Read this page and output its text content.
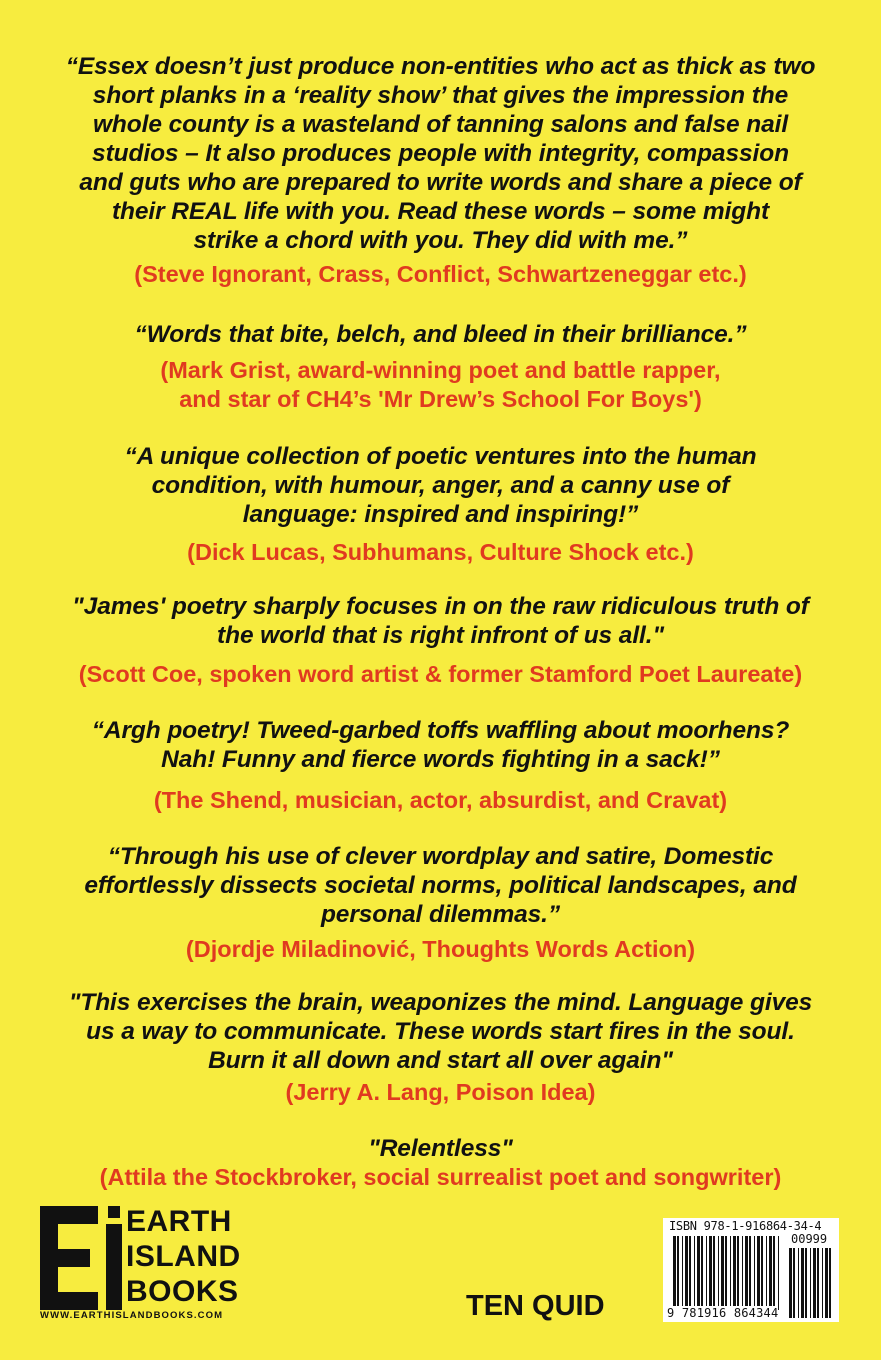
“Essex doesn’t just produce non-entities who act as thick as two
short planks in a ‘reality show’ that gives the impression the
whole county is a wasteland of tanning salons and false nail
studios – It also produces people with integrity, compassion
and guts who are prepared to write words and share a piece of
their REAL life with you. Read these words – some might
strike a chord with you. They did with me.”
(Steve Ignorant, Crass, Conflict, Schwartzeneggar etc.)
“Words that bite, belch, and bleed in their brilliance.”
(Mark Grist, award-winning poet and battle rapper,
and star of CH4’s 'Mr Drew’s School For Boys')
“A unique collection of poetic ventures into the human
condition, with humour, anger, and a canny use of
language: inspired and inspiring!”
(Dick Lucas, Subhumans, Culture Shock etc.)
"James' poetry sharply focuses in on the raw ridiculous truth of
the world that is right infront of us all."
(Scott Coe, spoken word artist & former Stamford Poet Laureate)
“Argh poetry! Tweed-garbed toffs waffling about moorhens?
Nah! Funny and fierce words fighting in a sack!”
(The Shend, musician, actor, absurdist, and Cravat)
“Through his use of clever wordplay and satire, Domestic
effortlessly dissects societal norms, political landscapes, and
personal dilemmas.”
(Djordje Miladinović, Thoughts Words Action)
"This exercises the brain, weaponizes the mind. Language gives
us a way to communicate. These words start fires in the soul.
Burn it all down and start all over again"
(Jerry A. Lang, Poison Idea)
"Relentless"
(Attila the Stockbroker, social surrealist poet and songwriter)
EARTH
ISLAND
BOOKS
WWW.EARTHISLANDBOOKS.COM	TEN QUID
ISBN 978-1-916864-34-4
00999
9 781916 864344
